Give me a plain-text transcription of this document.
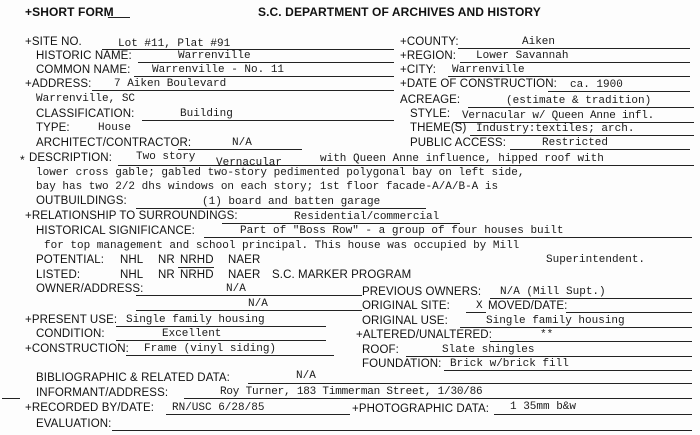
+SHORT FORM	S.C. DEPARTMENT OF ARCHIVES AND HISTORY
+SITE NO.	Lot #11, Plat #91	+COUNTY:	Aiken
HISTORIC NAME:	Warrenville	+REGION: Lower Savannah
COMMON NAME: Warrenville - No. 11	+CITY: Warrenville
+ADDRESS: 7 Aiken Boulevard
Warrenville, SC
+DATE OF CONSTRUCTION: ca. 1900
ACREAGE:	(estimate & tradition)
CLASSIFICATION:	Building	STYLE: Vernacular w/ Queen Anne infl.
TYPE:	House	THEME(S) Industry:textiles; arch.
ARCHITECT/CONTRACTOR:	N/A	PUBLIC ACCESS:	Restricted
* DESCRIPTION: Two story Vernacular	with Queen Anne influence, hipped roof with
lower cross gable; gabled two-story pedimented polygonal bay on left side,
bay has two 2/2 dhs windows on each story; 1st floor facade-A/A/B-A is
OUTBUILDINGS:	(1) board and batten garage
+RELATIONSHIP TO SURROUNDINGS:	Residential/commercial
HISTORICAL SIGNIFICANCE:	Part of "Boss Row" - a group of four houses built
for top management and school principal. This house was occupied by Mill
Superintendent.
POTENTIAL: NHL NR NRHD NAER
LISTED:	NHL NR NRHD NAER S.C. MARKER PROGRAM
OWNER/ADDRESS:	N/A
N/A
PREVIOUS OWNERS: N/A (Mill Supt.)
ORIGINAL SITE: X MOVED/DATE:
+PRESENT USE: Single family housing	ORIGINAL USE:	Single family housing
CONDITION:	Excellent	+ALTERED/UNALTERED:	**
+CONSTRUCTION: Frame (vinyl siding)	ROOF:	Slate shingles
FOUNDATION: Brick w/brick fill
BIBLIOGRAPHIC & RELATED DATA:	N/A
INFORMANT/ADDRESS:	Roy Turner, 183 Timmerman Street, 1/30/86
+RECORDED BY/DATE: RN/USC 6/28/85	+PHOTOGRAPHIC DATA: 1 35mm b&w
EVALUATION:
